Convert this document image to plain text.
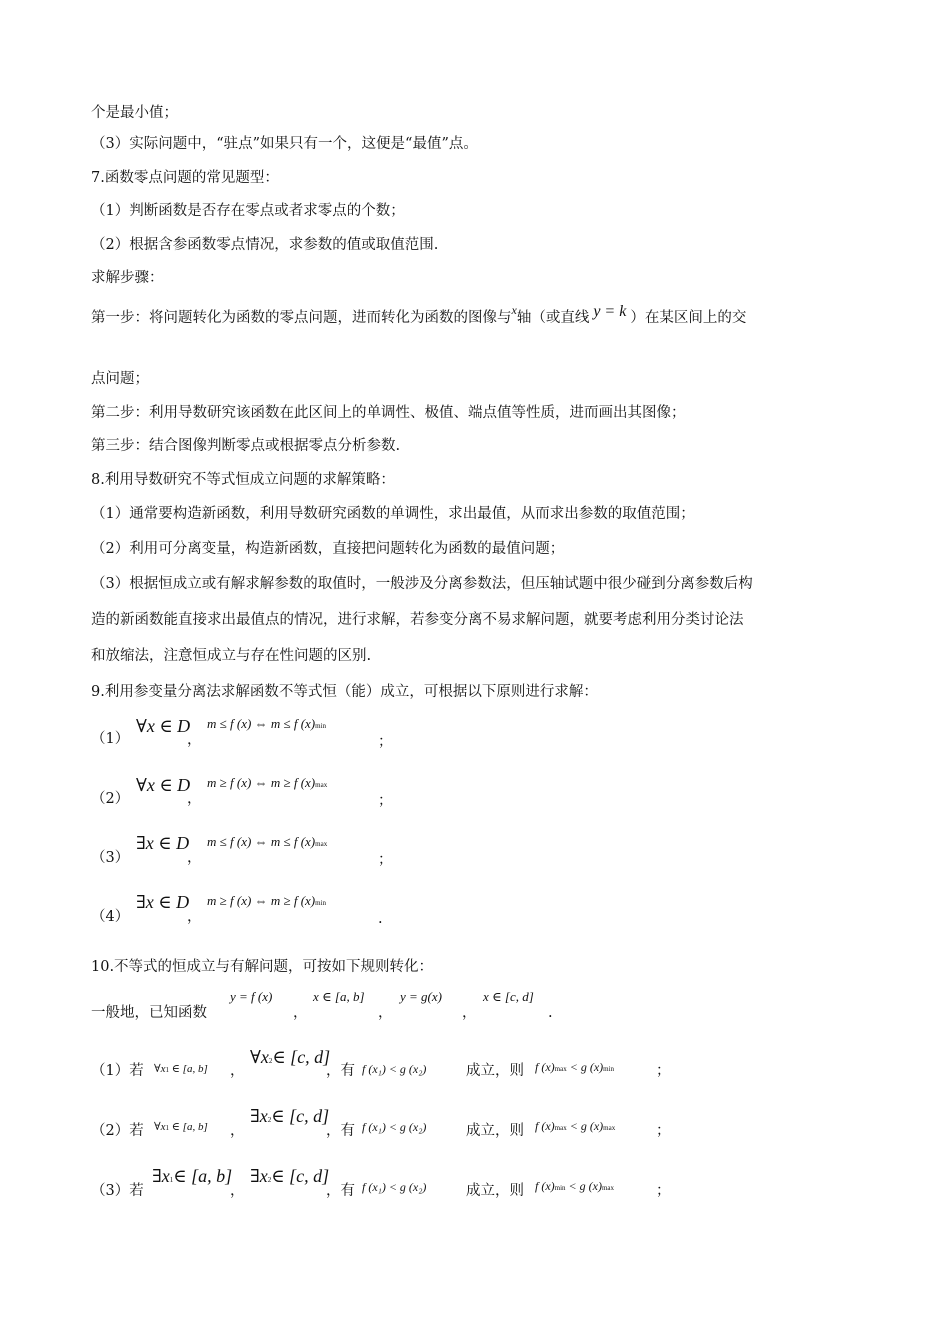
个是最小值；
（3）实际问题中，“驻点”如果只有一个，这便是“最值”点。
7.函数零点问题的常见题型：
（1）判断函数是否存在零点或者求零点的个数；
（2）根据含参函数零点情况，求参数的值或取值范围.
求解步骤：
第一步：将问题转化为函数的零点问题，进而转化为函数的图像与$^x$轴（或直线 y = k ）在某区间上的交
点问题；
第二步：利用导数研究该函数在此区间上的单调性、极值、端点值等性质，进而画出其图像；
第三步：结合图像判断零点或根据零点分析参数.
8.利用导数研究不等式恒成立问题的求解策略：
（1）通常要构造新函数，利用导数研究函数的单调性，求出最值，从而求出参数的取值范围；
（2）利用可分离变量，构造新函数，直接把问题转化为函数的最值问题；
（3）根据恒成立或有解求解参数的取值时，一般涉及分离参数法，但压轴试题中很少碰到分离参数后构
造的新函数能直接求出最值点的情况，进行求解，若参变分离不易求解问题，就要考虑利用分类讨论法
和放缩法，注意恒成立与存在性问题的区别.
9.利用参变量分离法求解函数不等式恒（能）成立，可根据以下原则进行求解：
（1）
∀x ∈ D
，
m ≤ f (x) ⇔ m ≤ f (x)min
；
（2）
∀x ∈ D
，
m ≥ f (x) ⇔ m ≥ f (x)max
；
（3）
∃x ∈ D
，
m ≤ f (x) ⇔ m ≤ f (x)max
；
（4）
∃x ∈ D
，
m ≥ f (x) ⇔ m ≥ f (x)min
.
10.不等式的恒成立与有解问题，可按如下规则转化：
一般地，已知函数
y = f (x)
，
x ∈ [a, b]
，
y = g(x)
，
x ∈ [c, d]
.
（1）若 ∀x1 ∈ [a, b] ，
∀x2∈ [c, d]
，有 f (x₁) < g (x₂)	成立，则 f (x)max < g (x)min	；
（2）若 ∀x1 ∈ [a, b] ，
∃x2∈ [c, d]
，有 f (x₁) < g (x₂)	成立，则 f (x)max < g (x)max	；
（3）若
∃x1∈ [a, b]
，
∃x2∈ [c, d]
，有 f (x₁) < g (x₂)	成立，则 f (x)min < g (x)max	；
